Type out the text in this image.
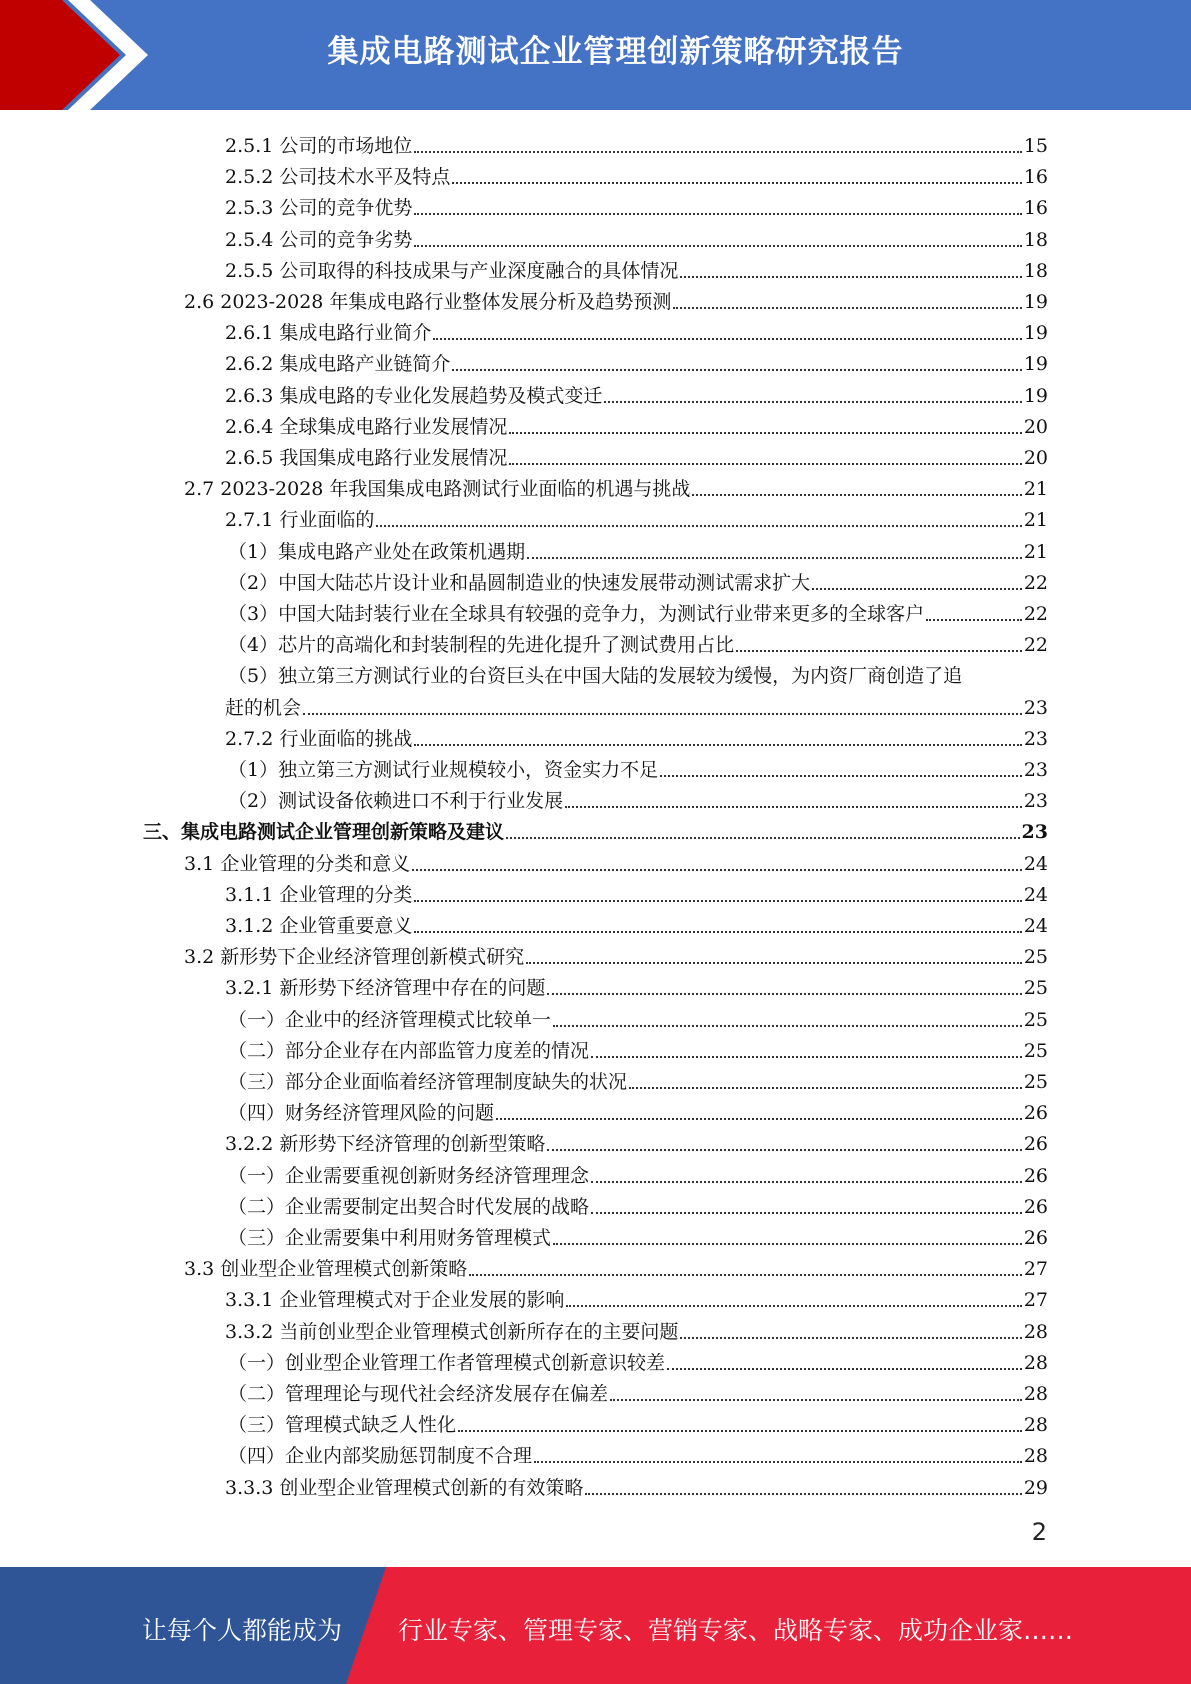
集成电路测试企业管理创新策略研究报告
2.5.1 公司的市场地位	15
2.5.2 公司技术水平及特点	16
2.5.3 公司的竞争优势	16
2.5.4 公司的竞争劣势	18
2.5.5 公司取得的科技成果与产业深度融合的具体情况	18
2.6 2023-2028 年集成电路行业整体发展分析及趋势预测	19
2.6.1 集成电路行业简介	19
2.6.2 集成电路产业链简介	19
2.6.3 集成电路的专业化发展趋势及模式变迁	19
2.6.4 全球集成电路行业发展情况	20
2.6.5 我国集成电路行业发展情况	20
2.7 2023-2028 年我国集成电路测试行业面临的机遇与挑战	21
2.7.1 行业面临的	21
（1）集成电路产业处在政策机遇期	21
（2）中国大陆芯片设计业和晶圆制造业的快速发展带动测试需求扩大	22
（3）中国大陆封装行业在全球具有较强的竞争力，为测试行业带来更多的全球客户	22
（4）芯片的高端化和封装制程的先进化提升了测试费用占比	22
（5）独立第三方测试行业的台资巨头在中国大陆的发展较为缓慢，为内资厂商创造了追
赶的机会	23
2.7.2 行业面临的挑战	23
（1）独立第三方测试行业规模较小，资金实力不足	23
（2）测试设备依赖进口不利于行业发展	23
三、集成电路测试企业管理创新策略及建议	23
3.1 企业管理的分类和意义	24
3.1.1 企业管理的分类	24
3.1.2 企业管重要意义	24
3.2 新形势下企业经济管理创新模式研究	25
3.2.1 新形势下经济管理中存在的问题	25
（一）企业中的经济管理模式比较单一	25
（二）部分企业存在内部监管力度差的情况	25
（三）部分企业面临着经济管理制度缺失的状况	25
（四）财务经济管理风险的问题	26
3.2.2 新形势下经济管理的创新型策略	26
（一）企业需要重视创新财务经济管理理念	26
（二）企业需要制定出契合时代发展的战略	26
（三）企业需要集中利用财务管理模式	26
3.3 创业型企业管理模式创新策略	27
3.3.1 企业管理模式对于企业发展的影响	27
3.3.2 当前创业型企业管理模式创新所存在的主要问题	28
（一）创业型企业管理工作者管理模式创新意识较差	28
（二）管理理论与现代社会经济发展存在偏差	28
（三）管理模式缺乏人性化	28
（四）企业内部奖励惩罚制度不合理	28
3.3.3 创业型企业管理模式创新的有效策略	29
2
让每个人都能成为 行业专家、管理专家、营销专家、战略专家、成功企业家……
